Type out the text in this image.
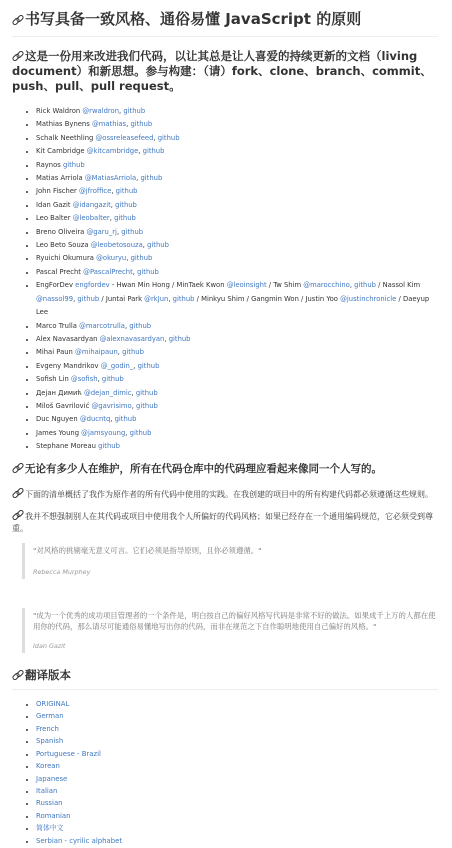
书写具备一致风格、通俗易懂 JavaScript 的原则
这是一份用来改进我们代码，以让其总是让人喜爱的持续更新的文档（living document）和新思想。参与构建：（请）fork、clone、branch、commit、push、pull、pull request。
• Rick Waldron @rwaldron, github
• Mathias Bynens @mathias, github
• Schalk Neethling @ossreleasefeed, github
• Kit Cambridge @kitcambridge, github
• Raynos github
• Matias Arriola @MatiasArriola, github
• John Fischer @jfroffice, github
• Idan Gazit @idangazit, github
• Leo Balter @leobalter, github
• Breno Oliveira @garu_rj, github
• Leo Beto Souza @leobetosouza, github
• Ryuichi Okumura @okuryu, github
• Pascal Precht @PascalPrecht, github
• EngForDev engfordev - Hwan Min Hong / MinTaek Kwon @leoinsight / Tw Shim @marocchino, github / Nassol Kim @nassol99, github / Juntai Park @rkJun, github / Minkyu Shim / Gangmin Won / Justin Yoo @justinchronicle / Daeyup Lee
• Marco Trulla @marcotrulla, github
• Alex Navasardyan @alexnavasardyan, github
• Mihai Paun @mihaipaun, github
• Evgeny Mandrikov @_godin_, github
• Sofish Lin @sofish, github
• Дејан Димић @dejan_dimic, github
• Miloš Gavrilović @gavrisimo, github
• Duc Nguyen @ducntq, github
• James Young @jamsyoung, github
• Stephane Moreau github
无论有多少人在维护，所有在代码仓库中的代码理应看起来像同一个人写的。
下面的清单概括了我作为原作者的所有代码中使用的实践。在我创建的项目中的所有构建代码都必须遵循这些规则。
我并不想强制别人在其代码或项目中使用我个人所偏好的代码风格；如果已经存在一个通用编码规范，它必须受到尊重。

"对风格的挑剔毫无意义可言。它们必须是指导原则，且你必须遵循。"

Rebecca Murphey

"成为一个优秀的成功项目管理者的一个条件是，明白按自己的偏好风格写代码是非常不好的做法。如果成千上万的人都在使用你的代码，那么请尽可能通俗易懂地写出你的代码，而非在规范之下自作聪明地使用自己偏好的风格。"

Idan Gazit

翻译版本
• ORIGINAL
• German
• French
• Spanish
• Portuguese - Brazil
• Korean
• Japanese
• Italian
• Russian
• Romanian
• 简体中文
• Serbian - cyrilic alphabet
